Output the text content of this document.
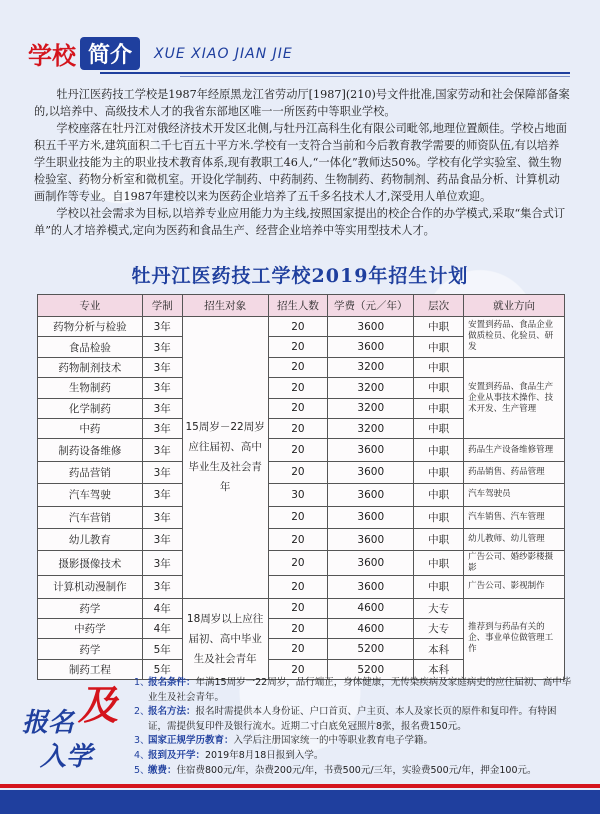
学校 简介	XUE XIAO JIAN JIE

牡丹江医药技工学校是1987年经原黑龙江省劳动厅[1987](210)号文件批准,国家劳动和社会保障部备案的,以培养中、高级技术人才的我省东部地区唯一一所医药中等职业学校。

学校座落在牡丹江对俄经济技术开发区北侧,与牡丹江高科生化有限公司毗邻,地理位置颇佳。学校占地面积五千平方米,建筑面积二千七百五十平方米.学校有一支符合当前和今后教育教学需要的师资队伍,有以培养学生职业技能为主的职业技术教育体系,现有教职工46人,“一体化”教师达50%。学校有化学实验室、微生物检验室、药物分析室和微机室。开设化学制药、中药制药、生物制药、药物制剂、药品食品分析、计算机动画制作等专业。自1987年建校以来为医药企业培养了五千多名技术人才,深受用人单位欢迎。

学校以社会需求为目标,以培养专业应用能力为主线,按照国家提出的校企合作的办学模式,采取“集合式订单”的人才培养模式,定向为医药和食品生产、经营企业培养中等实用型技术人才。

牡丹江医药技工学校2019年招生计划
专业	学制	招生对象	招生人数	学费（元／年）	层次	就业方向
药物分析与检验	3年	15周岁－22周岁应往届初、高中毕业生及社会青年	20	3600	中职	安置到药品、食品企业做质检员、化验员、研发
食品检验	3年		20	3600	中职	
药物制剂技术	3年		20	3200	中职	安置到药品、食品生产企业从事技术操作、技术开发、生产管理
生物制药	3年		20	3200	中职	
化学制药	3年		20	3200	中职	
中药	3年		20	3200	中职	
制药设备维修	3年		20	3600	中职	药品生产设备维修管理
药品营销	3年		20	3600	中职	药品销售、药品管理
汽车驾驶	3年		30	3600	中职	汽车驾驶员
汽车营销	3年		20	3600	中职	汽车销售、汽车管理
幼儿教育	3年		20	3600	中职	幼儿教师、幼儿管理
摄影摄像技术	3年		20	3600	中职	广告公司、婚纱影楼摄影
计算机动漫制作	3年		20	3600	中职	广告公司、影视制作
药学	4年	18周岁以上应往届初、高中毕业生及社会青年	20	4600	大专	推荐到与药品有关的企、事业单位做管理工作
中药学	4年		20	4600	大专	
药学	5年		20	5200	本科	
制药工程	5年		20	5200	本科	
报名 及
入学
1、
报名条件：年满15周岁一22周岁，品行端正，身体健康，无传染疾病及家庭病史的应往届初、高中毕业生及社会青年。
2、
报名方法：报名时需提供本人身份证、户口首页、户主页、本人及家长页的原件和复印件。有特困证，需提供复印件及银行流水。近期二寸白底免冠照片8张，报名费150元。
3、
国家正规学历教育：入学后注册国家统一的中等职业教育电子学籍。
4、
报到及开学：2019年8月18日报到入学。
5、
缴费：住宿费800元/年，杂费200元/年，书费500元/三年，实验费500元/年，押金100元。
